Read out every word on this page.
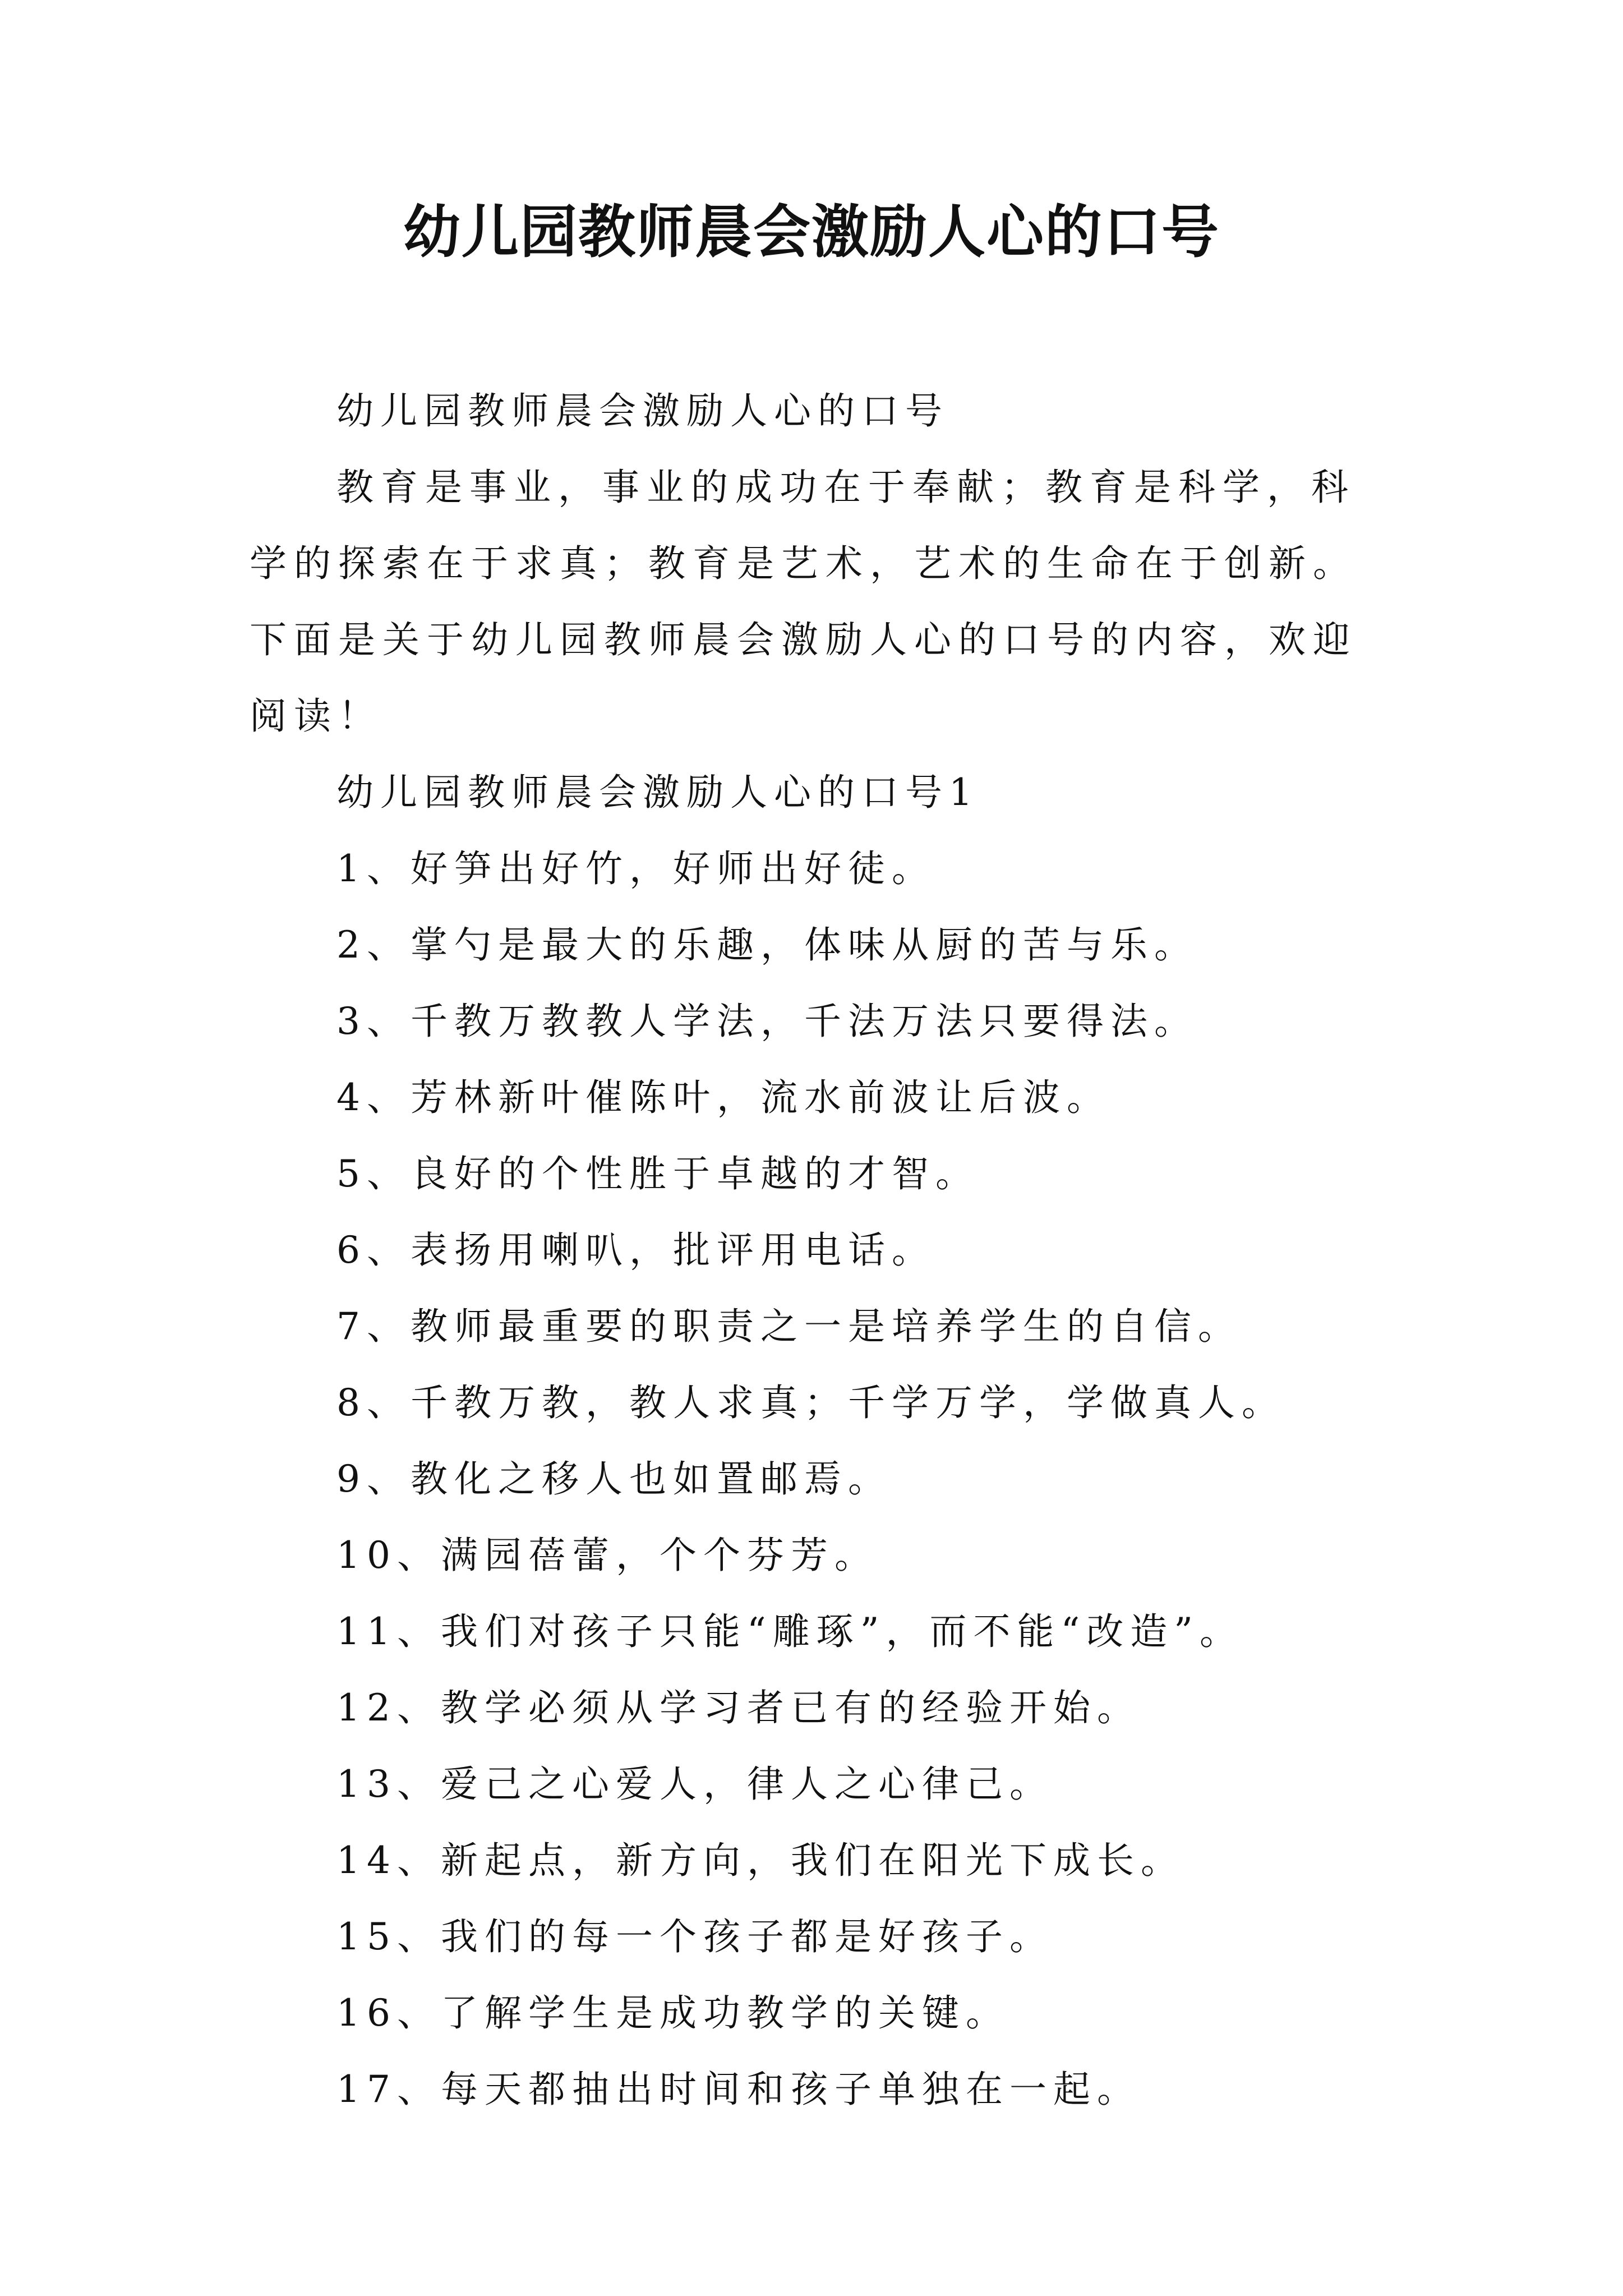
幼儿园教师晨会激励人心的口号

幼儿园教师晨会激励人心的口号

教育是事业，事业的成功在于奉献；教育是科学，科学的探索在于求真；教育是艺术，艺术的生命在于创新。下面是关于幼儿园教师晨会激励人心的口号的内容，欢迎阅读！

幼儿园教师晨会激励人心的口号1

1、好笋出好竹，好师出好徒。
2、掌勺是最大的乐趣，体味从厨的苦与乐。
3、千教万教教人学法，千法万法只要得法。
4、芳林新叶催陈叶，流水前波让后波。
5、良好的个性胜于卓越的才智。
6、表扬用喇叭，批评用电话。
7、教师最重要的职责之一是培养学生的自信。
8、千教万教，教人求真；千学万学，学做真人。
9、教化之移人也如置邮焉。
10、满园蓓蕾，个个芬芳。
11、我们对孩子只能“雕琢”，而不能“改造”。
12、教学必须从学习者已有的经验开始。
13、爱己之心爱人，律人之心律己。
14、新起点，新方向，我们在阳光下成长。
15、我们的每一个孩子都是好孩子。
16、了解学生是成功教学的关键。
17、每天都抽出时间和孩子单独在一起。
